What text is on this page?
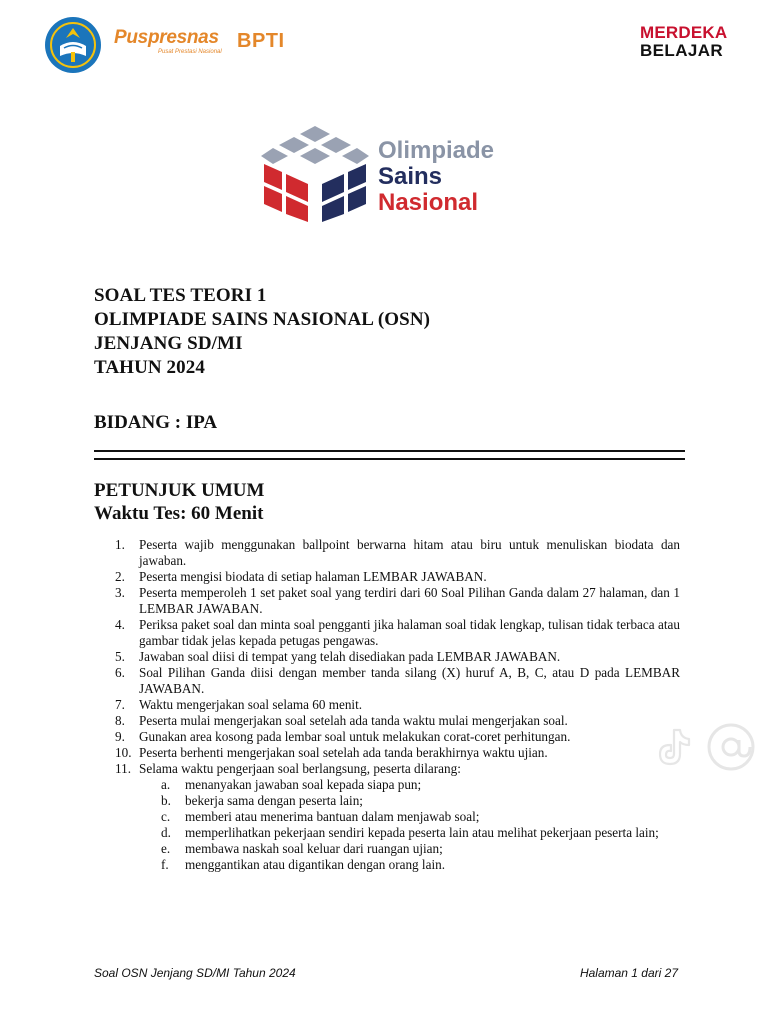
Puspresnas
Pusat Prestasi Nasional BPTI	MERDEKA
BELAJAR
Olimpiade
Sains
Nasional
SOAL TES TEORI 1
OLIMPIADE SAINS NASIONAL (OSN)
JENJANG SD/MI
TAHUN 2024
BIDANG : IPA
PETUNJUK UMUM
Waktu Tes: 60 Menit
1. Peserta wajib menggunakan ballpoint berwarna hitam atau biru untuk menuliskan biodata dan jawaban.
2. Peserta mengisi biodata di setiap halaman LEMBAR JAWABAN.
3. Peserta memperoleh 1 set paket soal yang terdiri dari 60 Soal Pilihan Ganda dalam 27 halaman, dan 1 LEMBAR JAWABAN.
4. Periksa paket soal dan minta soal pengganti jika halaman soal tidak lengkap, tulisan tidak terbaca atau gambar tidak jelas kepada petugas pengawas.
5. Jawaban soal diisi di tempat yang telah disediakan pada LEMBAR JAWABAN.
6. Soal Pilihan Ganda diisi dengan member tanda silang (X) huruf A, B, C, atau D pada LEMBAR JAWABAN.
7. Waktu mengerjakan soal selama 60 menit.
8. Peserta mulai mengerjakan soal setelah ada tanda waktu mulai mengerjakan soal.
9. Gunakan area kosong pada lembar soal untuk melakukan corat-coret perhitungan.
10. Peserta berhenti mengerjakan soal setelah ada tanda berakhirnya waktu ujian.
11. Selama waktu pengerjaan soal berlangsung, peserta dilarang:
a. menanyakan jawaban soal kepada siapa pun;
b. bekerja sama dengan peserta lain;
c. memberi atau menerima bantuan dalam menjawab soal;
d. memperlihatkan pekerjaan sendiri kepada peserta lain atau melihat pekerjaan peserta lain;
e. membawa naskah soal keluar dari ruangan ujian;
f. menggantikan atau digantikan dengan orang lain.
Soal OSN Jenjang SD/MI Tahun 2024	Halaman 1 dari 27
